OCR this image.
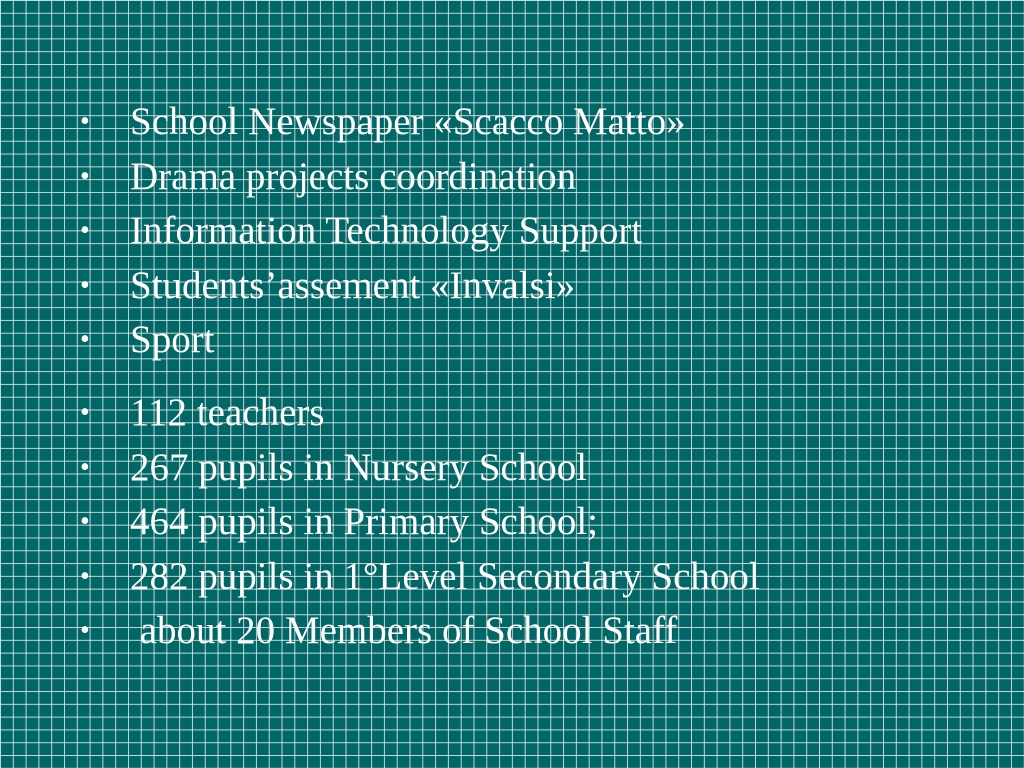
• School Newspaper «Scacco Matto»
• Drama projects coordination
• Information Technology Support
• Students’assement «Invalsi»
• Sport
• 112 teachers
• 267 pupils in Nursery School
• 464 pupils in Primary School;
• 282 pupils in 1°Level Secondary School
• about 20 Members of School Staff
